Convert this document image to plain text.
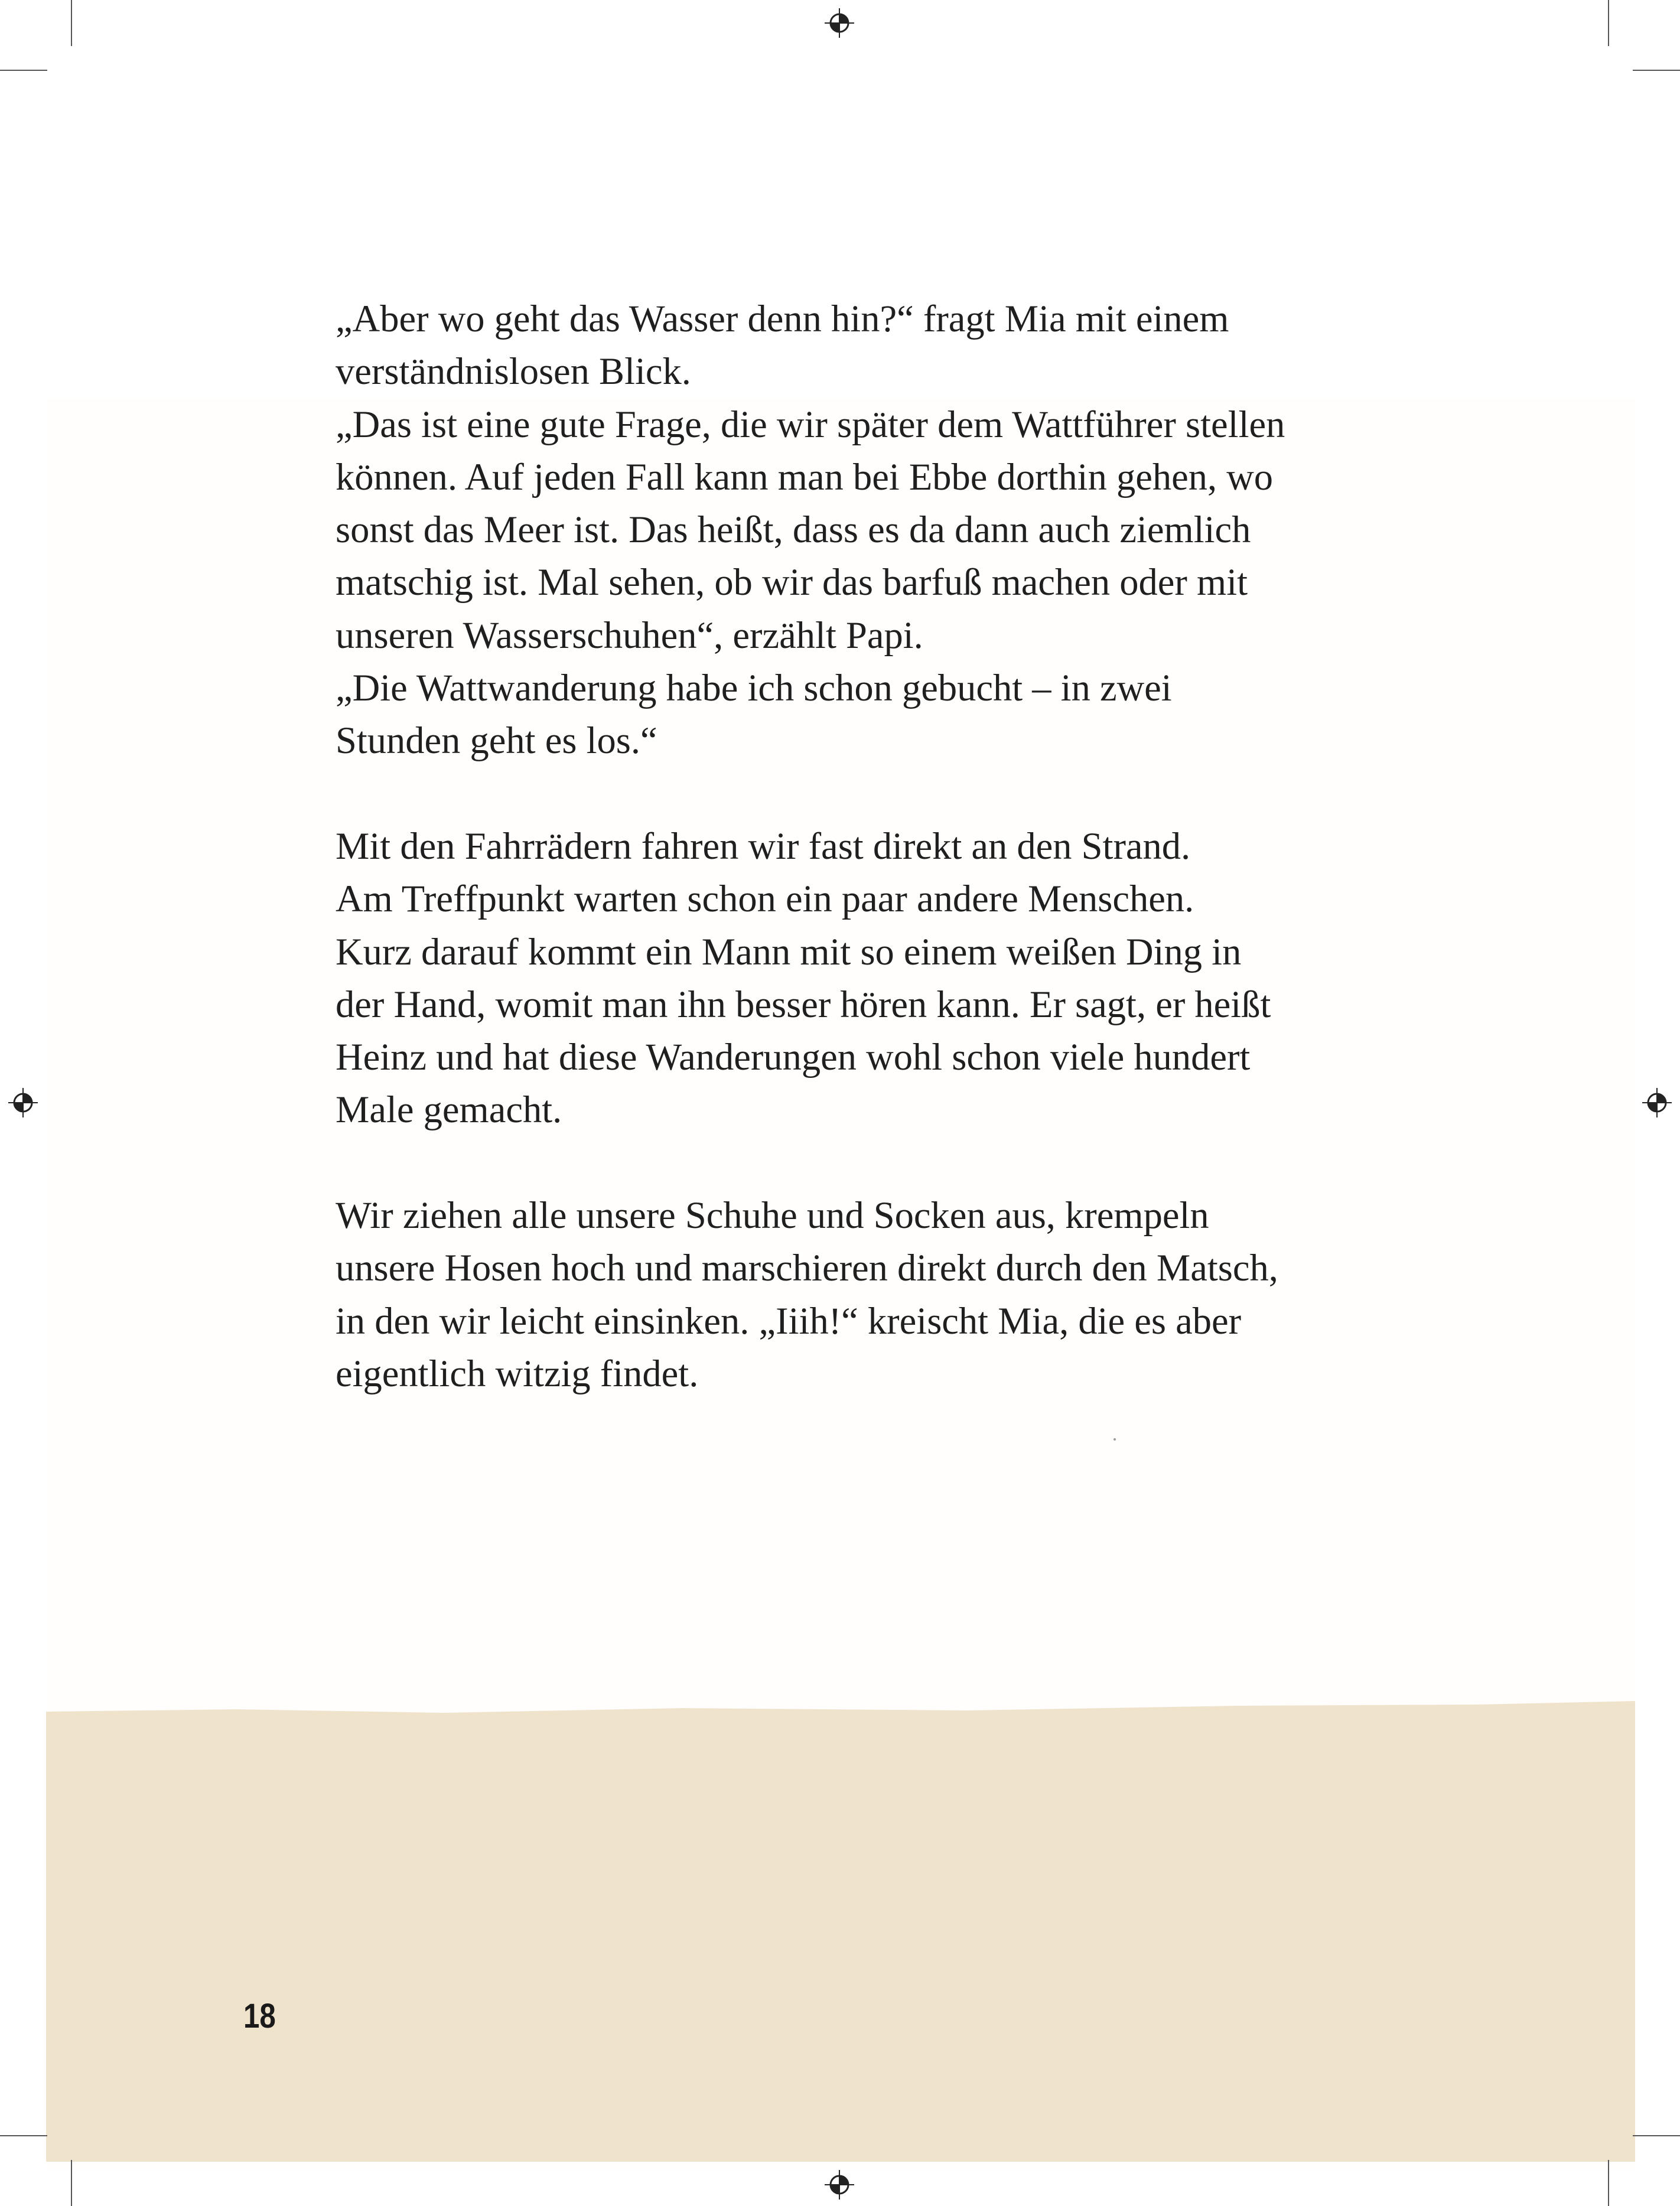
„Aber wo geht das Wasser denn hin?“ fragt Mia mit einem
verständnislosen Blick.

„Das ist eine gute Frage, die wir später dem Wattführer stellen
können. Auf jeden Fall kann man bei Ebbe dorthin gehen, wo
sonst das Meer ist. Das heißt, dass es da dann auch ziemlich
matschig ist. Mal sehen, ob wir das barfuß machen oder mit
unseren Wasserschuhen“, erzählt Papi.

„Die Wattwanderung habe ich schon gebucht – in zwei
Stunden geht es los.“

Mit den Fahrrädern fahren wir fast direkt an den Strand.
Am Treffpunkt warten schon ein paar andere Menschen.
Kurz darauf kommt ein Mann mit so einem weißen Ding in
der Hand, womit man ihn besser hören kann. Er sagt, er heißt
Heinz und hat diese Wanderungen wohl schon viele hundert
Male gemacht.

Wir ziehen alle unsere Schuhe und Socken aus, krempeln
unsere Hosen hoch und marschieren direkt durch den Matsch,
in den wir leicht einsinken. „Iiih!“ kreischt Mia, die es aber
eigentlich witzig findet.

18
